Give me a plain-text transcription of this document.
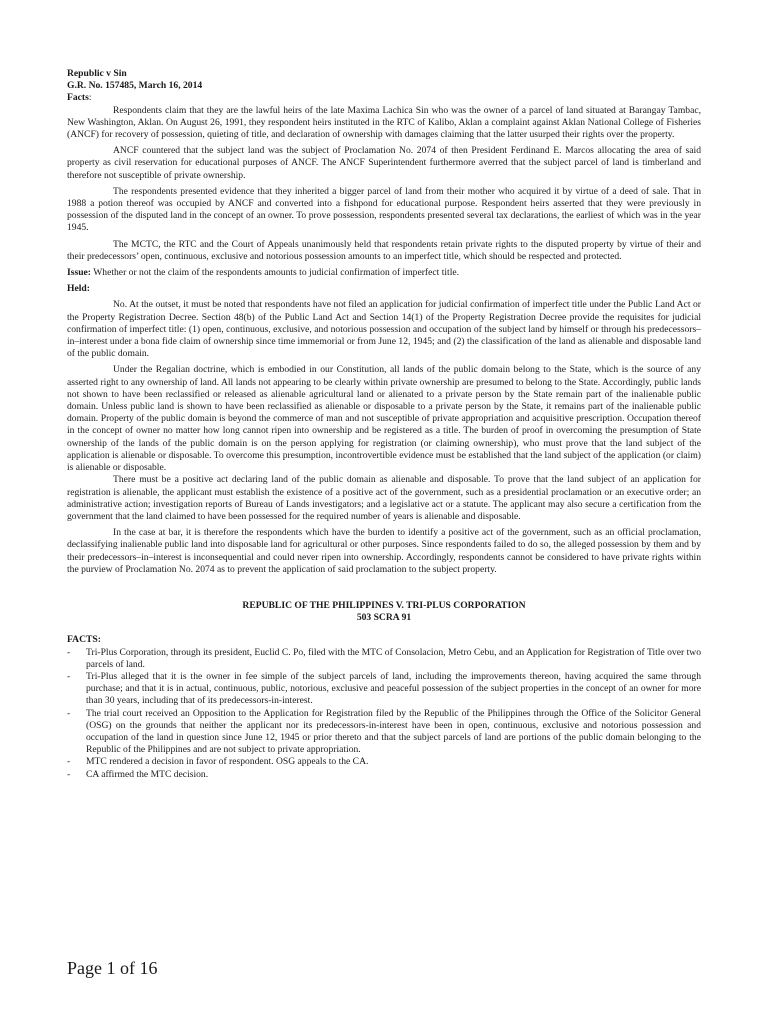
Republic v Sin
G.R. No. 157485, March 16, 2014
Facts:

Respondents claim that they are the lawful heirs of the late Maxima Lachica Sin who was the owner of a parcel of land situated at Barangay Tambac, New Washington, Aklan. On August 26, 1991, they respondent heirs instituted in the RTC of Kalibo, Aklan a complaint against Aklan National College of Fisheries (ANCF) for recovery of possession, quieting of title, and declaration of ownership with damages claiming that the latter usurped their rights over the property.

ANCF countered that the subject land was the subject of Proclamation No. 2074 of then President Ferdinand E. Marcos allocating the area of said property as civil reservation for educational purposes of ANCF. The ANCF Superintendent furthermore averred that the subject parcel of land is timberland and therefore not susceptible of private ownership.

The respondents presented evidence that they inherited a bigger parcel of land from their mother who acquired it by virtue of a deed of sale. That in 1988 a potion thereof was occupied by ANCF and converted into a fishpond for educational purpose. Respondent heirs asserted that they were previously in possession of the disputed land in the concept of an owner. To prove possession, respondents presented several tax declarations, the earliest of which was in the year 1945.

The MCTC, the RTC and the Court of Appeals unanimously held that respondents retain private rights to the disputed property by virtue of their and their predecessors’ open, continuous, exclusive and notorious possession amounts to an imperfect title, which should be respected and protected.

Issue: Whether or not the claim of the respondents amounts to judicial confirmation of imperfect title.

Held:

No. At the outset, it must be noted that respondents have not filed an application for judicial confirmation of imperfect title under the Public Land Act or the Property Registration Decree. Section 48(b) of the Public Land Act and Section 14(1) of the Property Registration Decree provide the requisites for judicial confirmation of imperfect title: (1) open, continuous, exclusive, and notorious possession and occupation of the subject land by himself or through his predecessors–in–interest under a bona fide claim of ownership since time immemorial or from June 12, 1945; and (2) the classification of the land as alienable and disposable land of the public domain.

Under the Regalian doctrine, which is embodied in our Constitution, all lands of the public domain belong to the State, which is the source of any asserted right to any ownership of land. All lands not appearing to be clearly within private ownership are presumed to belong to the State. Accordingly, public lands not shown to have been reclassified or released as alienable agricultural land or alienated to a private person by the State remain part of the inalienable public domain. Unless public land is shown to have been reclassified as alienable or disposable to a private person by the State, it remains part of the inalienable public domain. Property of the public domain is beyond the commerce of man and not susceptible of private appropriation and acquisitive prescription. Occupation thereof in the concept of owner no matter how long cannot ripen into ownership and be registered as a title. The burden of proof in overcoming the presumption of State ownership of the lands of the public domain is on the person applying for registration (or claiming ownership), who must prove that the land subject of the application is alienable or disposable. To overcome this presumption, incontrovertible evidence must be established that the land subject of the application (or claim) is alienable or disposable.

There must be a positive act declaring land of the public domain as alienable and disposable. To prove that the land subject of an application for registration is alienable, the applicant must establish the existence of a positive act of the government, such as a presidential proclamation or an executive order; an administrative action; investigation reports of Bureau of Lands investigators; and a legislative act or a statute. The applicant may also secure a certification from the government that the land claimed to have been possessed for the required number of years is alienable and disposable.

In the case at bar, it is therefore the respondents which have the burden to identify a positive act of the government, such as an official proclamation, declassifying inalienable public land into disposable land for agricultural or other purposes. Since respondents failed to do so, the alleged possession by them and by their predecessors–in–interest is inconsequential and could never ripen into ownership. Accordingly, respondents cannot be considered to have private rights within the purview of Proclamation No. 2074 as to prevent the application of said proclamation to the subject property.

REPUBLIC OF THE PHILIPPINES V. TRI-PLUS CORPORATION
503 SCRA 91
FACTS:
- Tri-Plus Corporation, through its president, Euclid C. Po, filed with the MTC of Consolacion, Metro Cebu, and an Application for Registration of Title over two parcels of land.
- Tri-Plus alleged that it is the owner in fee simple of the subject parcels of land, including the improvements thereon, having acquired the same through purchase; and that it is in actual, continuous, public, notorious, exclusive and peaceful possession of the subject properties in the concept of an owner for more than 30 years, including that of its predecessors-in-interest.
- The trial court received an Opposition to the Application for Registration filed by the Republic of the Philippines through the Office of the Solicitor General (OSG) on the grounds that neither the applicant nor its predecessors-in-interest have been in open, continuous, exclusive and notorious possession and occupation of the land in question since June 12, 1945 or prior thereto and that the subject parcels of land are portions of the public domain belonging to the Republic of the Philippines and are not subject to private appropriation.
- MTC rendered a decision in favor of respondent. OSG appeals to the CA.
- CA affirmed the MTC decision.
Page 1 of 16
